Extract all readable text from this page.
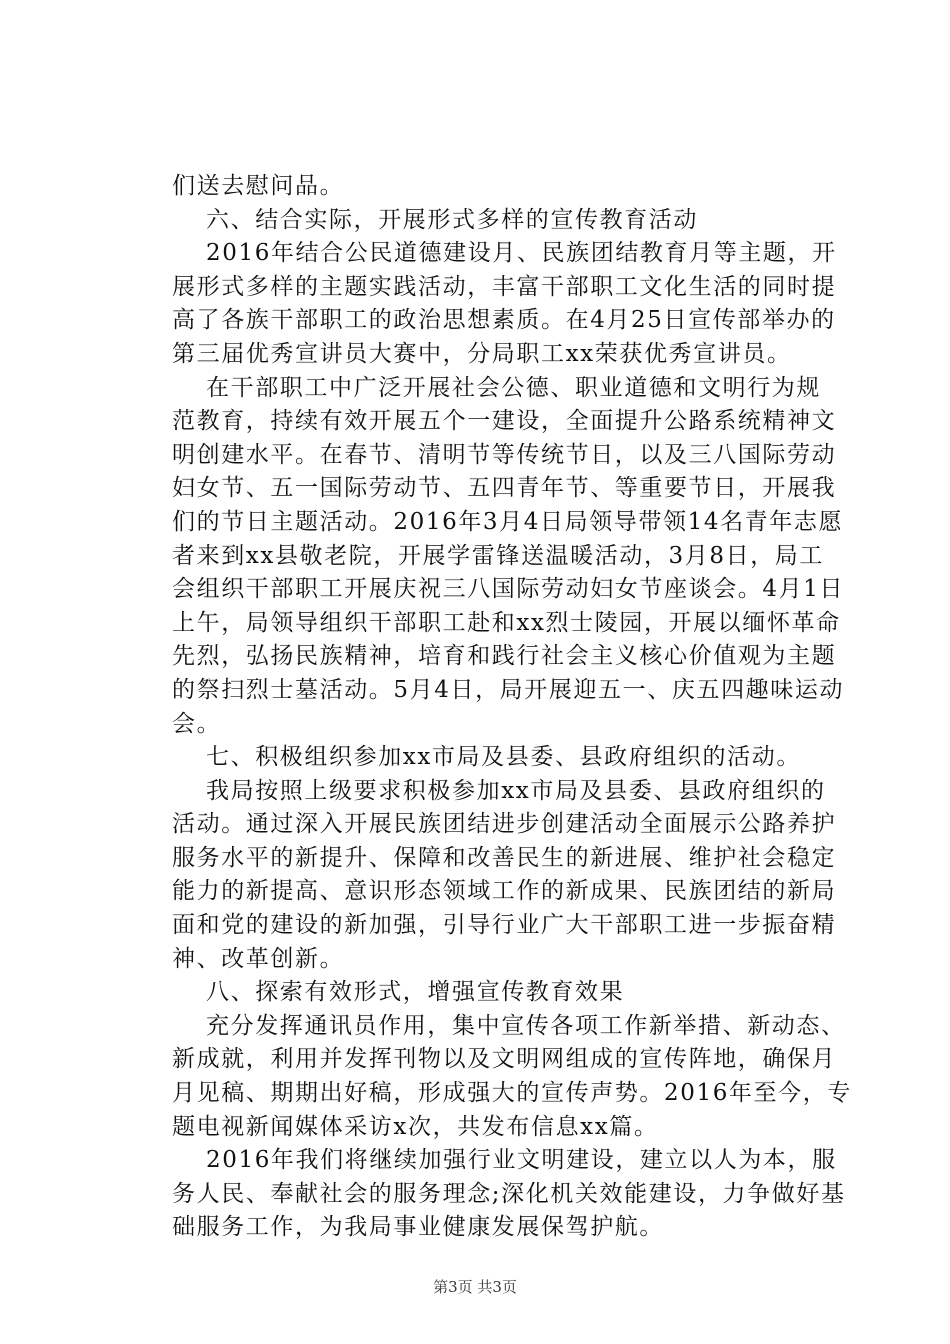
们送去慰问品。
六、结合实际，开展形式多样的宣传教育活动
2016年结合公民道德建设月、民族团结教育月等主题，开
展形式多样的主题实践活动，丰富干部职工文化生活的同时提
高了各族干部职工的政治思想素质。在4月25日宣传部举办的
第三届优秀宣讲员大赛中，分局职工xx荣获优秀宣讲员。
在干部职工中广泛开展社会公德、职业道德和文明行为规
范教育，持续有效开展五个一建设，全面提升公路系统精神文
明创建水平。在春节、清明节等传统节日，以及三八国际劳动
妇女节、五一国际劳动节、五四青年节、等重要节日，开展我
们的节日主题活动。2016年3月4日局领导带领14名青年志愿
者来到xx县敬老院，开展学雷锋送温暖活动，3月8日，局工
会组织干部职工开展庆祝三八国际劳动妇女节座谈会。4月1日
上午，局领导组织干部职工赴和xx烈士陵园，开展以缅怀革命
先烈，弘扬民族精神，培育和践行社会主义核心价值观为主题
的祭扫烈士墓活动。5月4日，局开展迎五一、庆五四趣味运动
会。
七、积极组织参加xx市局及县委、县政府组织的活动。
我局按照上级要求积极参加xx市局及县委、县政府组织的
活动。通过深入开展民族团结进步创建活动全面展示公路养护
服务水平的新提升、保障和改善民生的新进展、维护社会稳定
能力的新提高、意识形态领域工作的新成果、民族团结的新局
面和党的建设的新加强，引导行业广大干部职工进一步振奋精
神、改革创新。
八、探索有效形式，增强宣传教育效果
充分发挥通讯员作用，集中宣传各项工作新举措、新动态、
新成就，利用并发挥刊物以及文明网组成的宣传阵地，确保月
月见稿、期期出好稿，形成强大的宣传声势。2016年至今，专
题电视新闻媒体采访x次，共发布信息xx篇。
2016年我们将继续加强行业文明建设，建立以人为本，服
务人民、奉献社会的服务理念;深化机关效能建设，力争做好基
础服务工作，为我局事业健康发展保驾护航。
第3页 共3页
